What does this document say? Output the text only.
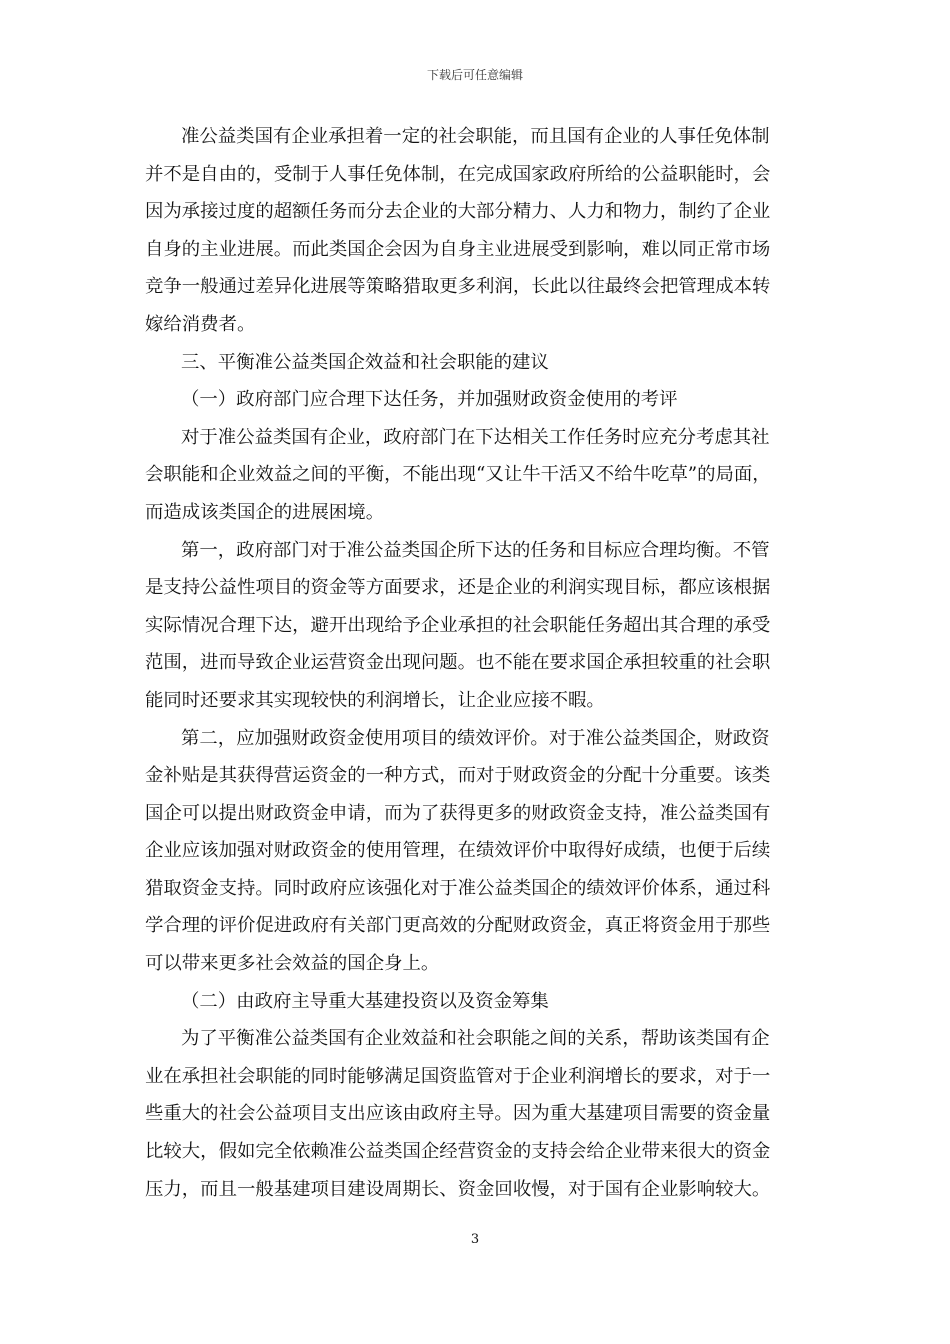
下载后可任意编辑
准公益类国有企业承担着一定的社会职能，而且国有企业的人事任免体制
并不是自由的，受制于人事任免体制，在完成国家政府所给的公益职能时，会
因为承接过度的超额任务而分去企业的大部分精力、人力和物力，制约了企业
自身的主业进展。而此类国企会因为自身主业进展受到影响，难以同正常市场
竞争一般通过差异化进展等策略猎取更多利润，长此以往最终会把管理成本转
嫁给消费者。
三、平衡准公益类国企效益和社会职能的建议
（一）政府部门应合理下达任务，并加强财政资金使用的考评
对于准公益类国有企业，政府部门在下达相关工作任务时应充分考虑其社
会职能和企业效益之间的平衡，不能出现“又让牛干活又不给牛吃草”的局面，
而造成该类国企的进展困境。
第一，政府部门对于准公益类国企所下达的任务和目标应合理均衡。不管
是支持公益性项目的资金等方面要求，还是企业的利润实现目标，都应该根据
实际情况合理下达，避开出现给予企业承担的社会职能任务超出其合理的承受
范围，进而导致企业运营资金出现问题。也不能在要求国企承担较重的社会职
能同时还要求其实现较快的利润增长，让企业应接不暇。
第二，应加强财政资金使用项目的绩效评价。对于准公益类国企，财政资
金补贴是其获得营运资金的一种方式，而对于财政资金的分配十分重要。该类
国企可以提出财政资金申请，而为了获得更多的财政资金支持，准公益类国有
企业应该加强对财政资金的使用管理，在绩效评价中取得好成绩，也便于后续
猎取资金支持。同时政府应该强化对于准公益类国企的绩效评价体系，通过科
学合理的评价促进政府有关部门更高效的分配财政资金，真正将资金用于那些
可以带来更多社会效益的国企身上。
（二）由政府主导重大基建投资以及资金筹集
为了平衡准公益类国有企业效益和社会职能之间的关系，帮助该类国有企
业在承担社会职能的同时能够满足国资监管对于企业利润增长的要求，对于一
些重大的社会公益项目支出应该由政府主导。因为重大基建项目需要的资金量
比较大，假如完全依赖准公益类国企经营资金的支持会给企业带来很大的资金
压力，而且一般基建项目建设周期长、资金回收慢，对于国有企业影响较大。
3
